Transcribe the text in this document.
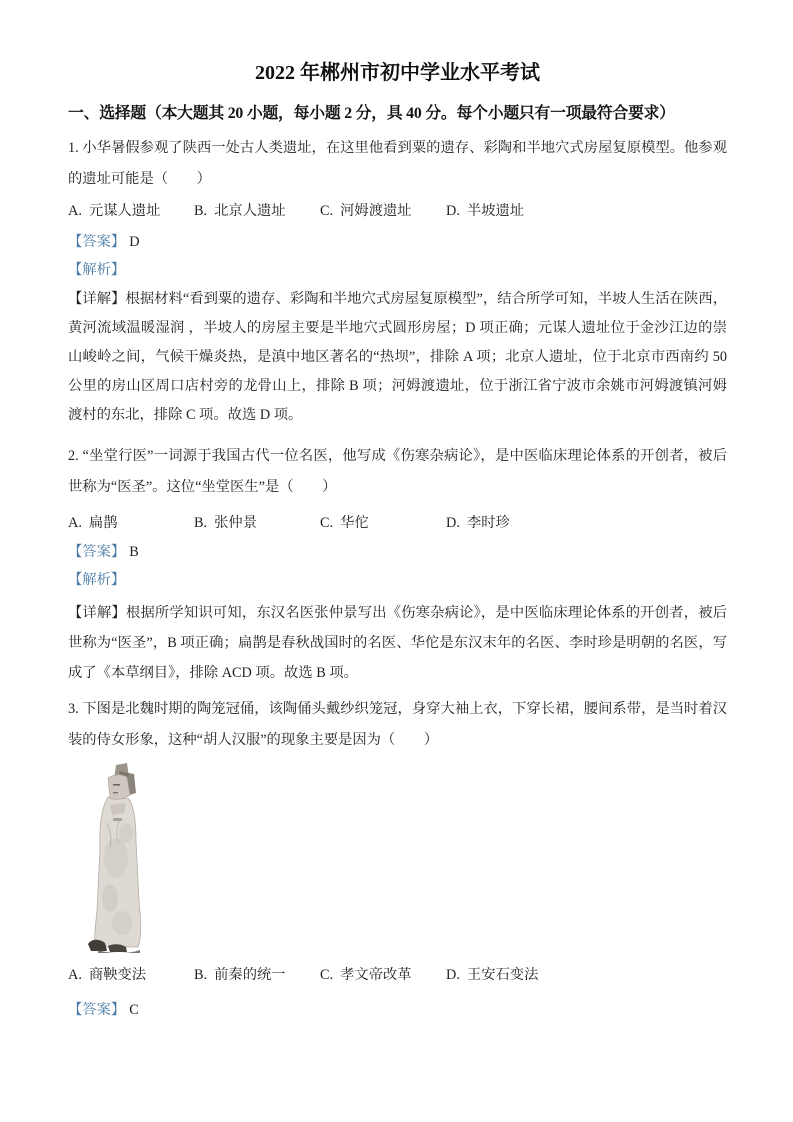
2022 年郴州市初中学业水平考试
一、选择题（本大题其 20 小题，每小题 2 分，具 40 分。每个小题只有一项最符合要求）

1. 小华暑假参观了陕西一处古人类遗址，在这里他看到粟的遗存、彩陶和半地穴式房屋复原模型。他参观的遗址可能是（　　）

A. 元谋人遗址	B. 北京人遗址	C. 河姆渡遗址	D. 半坡遗址

【答案】 D

【解析】

【详解】根据材料“看到粟的遗存、彩陶和半地穴式房屋复原模型”，结合所学可知，半坡人生活在陕西，黄河流域温暖湿润 ，半坡人的房屋主要是半地穴式圆形房屋；D 项正确；元谋人遗址位于金沙江边的崇山峻岭之间，气候干燥炎热，是滇中地区著名的“热坝”，排除 A 项；北京人遗址，位于北京市西南约 50 公里的房山区周口店村旁的龙骨山上，排除 B 项；河姆渡遗址，位于浙江省宁波市余姚市河姆渡镇河姆渡村的东北，排除 C 项。故选 D 项。

2. “坐堂行医”一词源于我国古代一位名医，他写成《伤寒杂病论》，是中医临床理论体系的开创者，被后世称为“医圣”。这位“坐堂医生”是（　　）

A. 扁鹊	B. 张仲景	C. 华佗	D. 李时珍

【答案】 B

【解析】

【详解】根据所学知识可知，东汉名医张仲景写出《伤寒杂病论》，是中医临床理论体系的开创者，被后世称为“医圣”，B 项正确；扁鹊是春秋战国时的名医、华佗是东汉末年的名医、李时珍是明朝的名医，写成了《本草纲目》，排除 ACD 项。故选 B 项。

3. 下图是北魏时期的陶笼冠俑，该陶俑头戴纱织笼冠，身穿大袖上衣，下穿长裙，腰间系带，是当时着汉装的侍女形象，这种“胡人汉服”的现象主要是因为（　　）

A. 商鞅变法	B. 前秦的统一	C. 孝文帝改革	D. 王安石变法

【答案】 C
